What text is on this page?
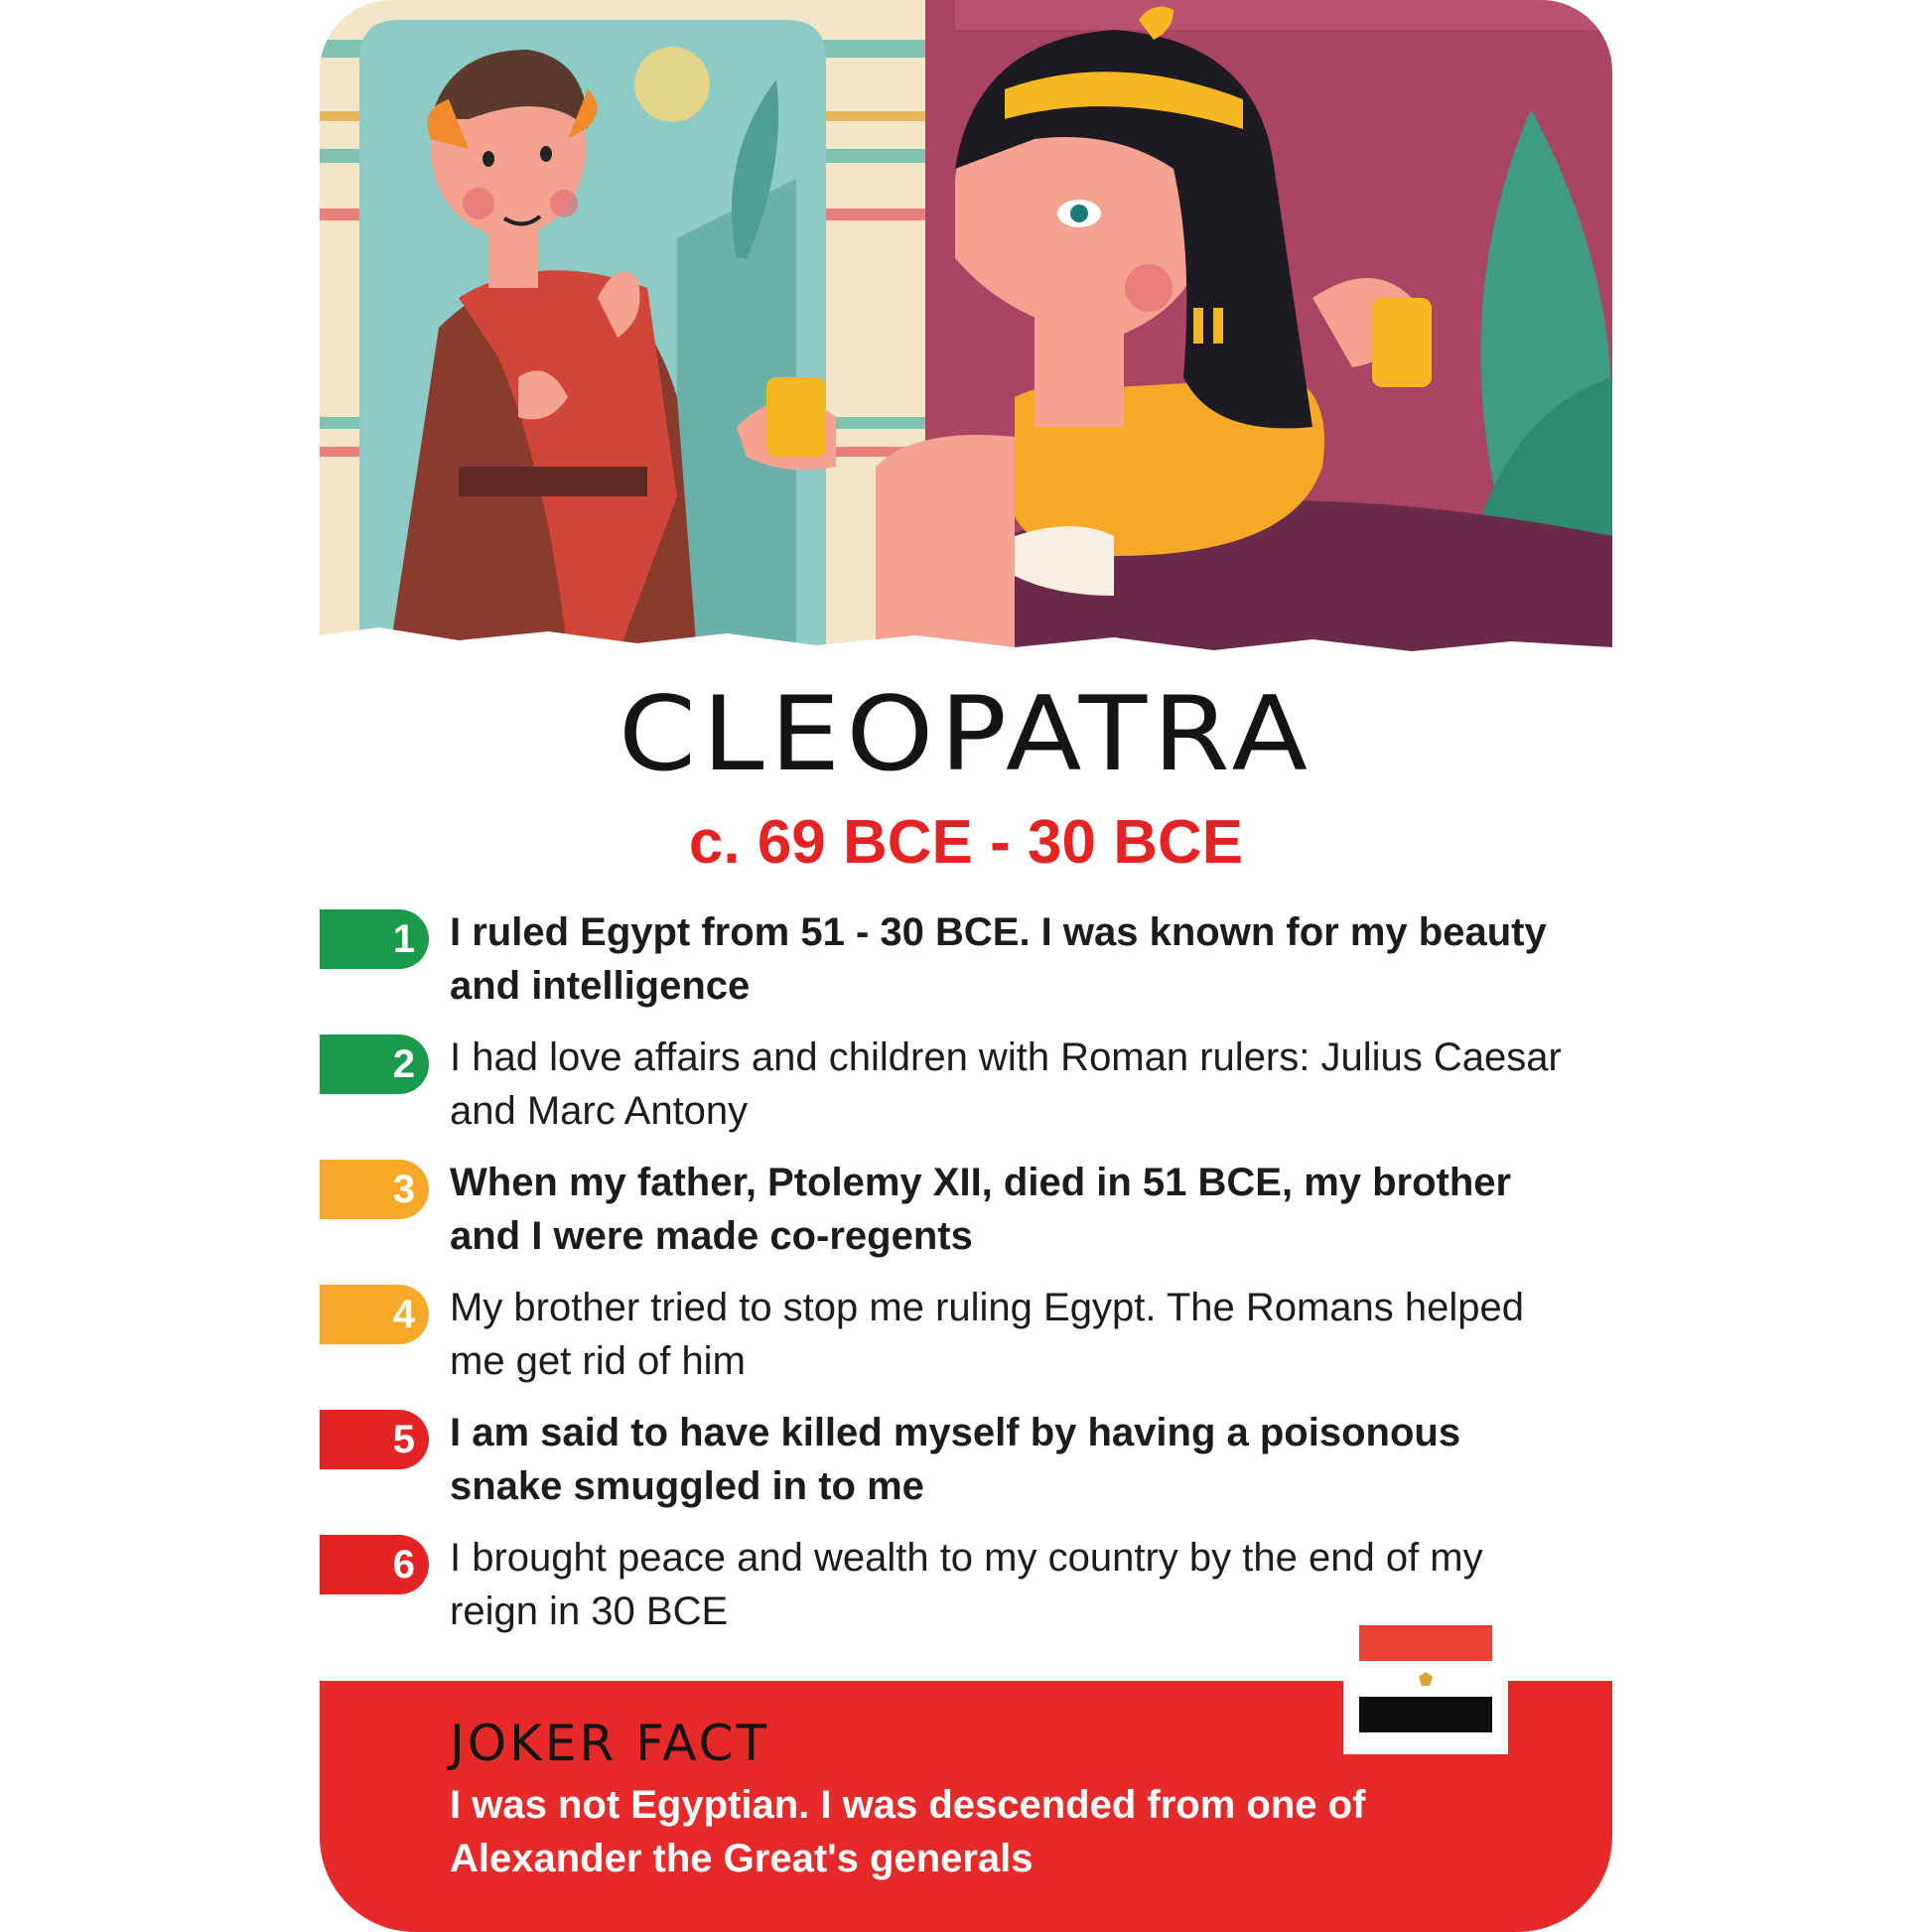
CLEOPATRA
c. 69 BCE - 30 BCE
1 I ruled Egypt from 51 - 30 BCE. I was known for my beauty and intelligence
2 I had love affairs and children with Roman rulers: Julius Caesar and Marc Antony
3 When my father, Ptolemy XII, died in 51 BCE, my brother and I were made co-regents
4 My brother tried to stop me ruling Egypt. The Romans helped me get rid of him
5 I am said to have killed myself by having a poisonous snake smuggled in to me
6 I brought peace and wealth to my country by the end of my reign in 30 BCE
JOKER FACT
I was not Egyptian. I was descended from one of Alexander the Great's generals
